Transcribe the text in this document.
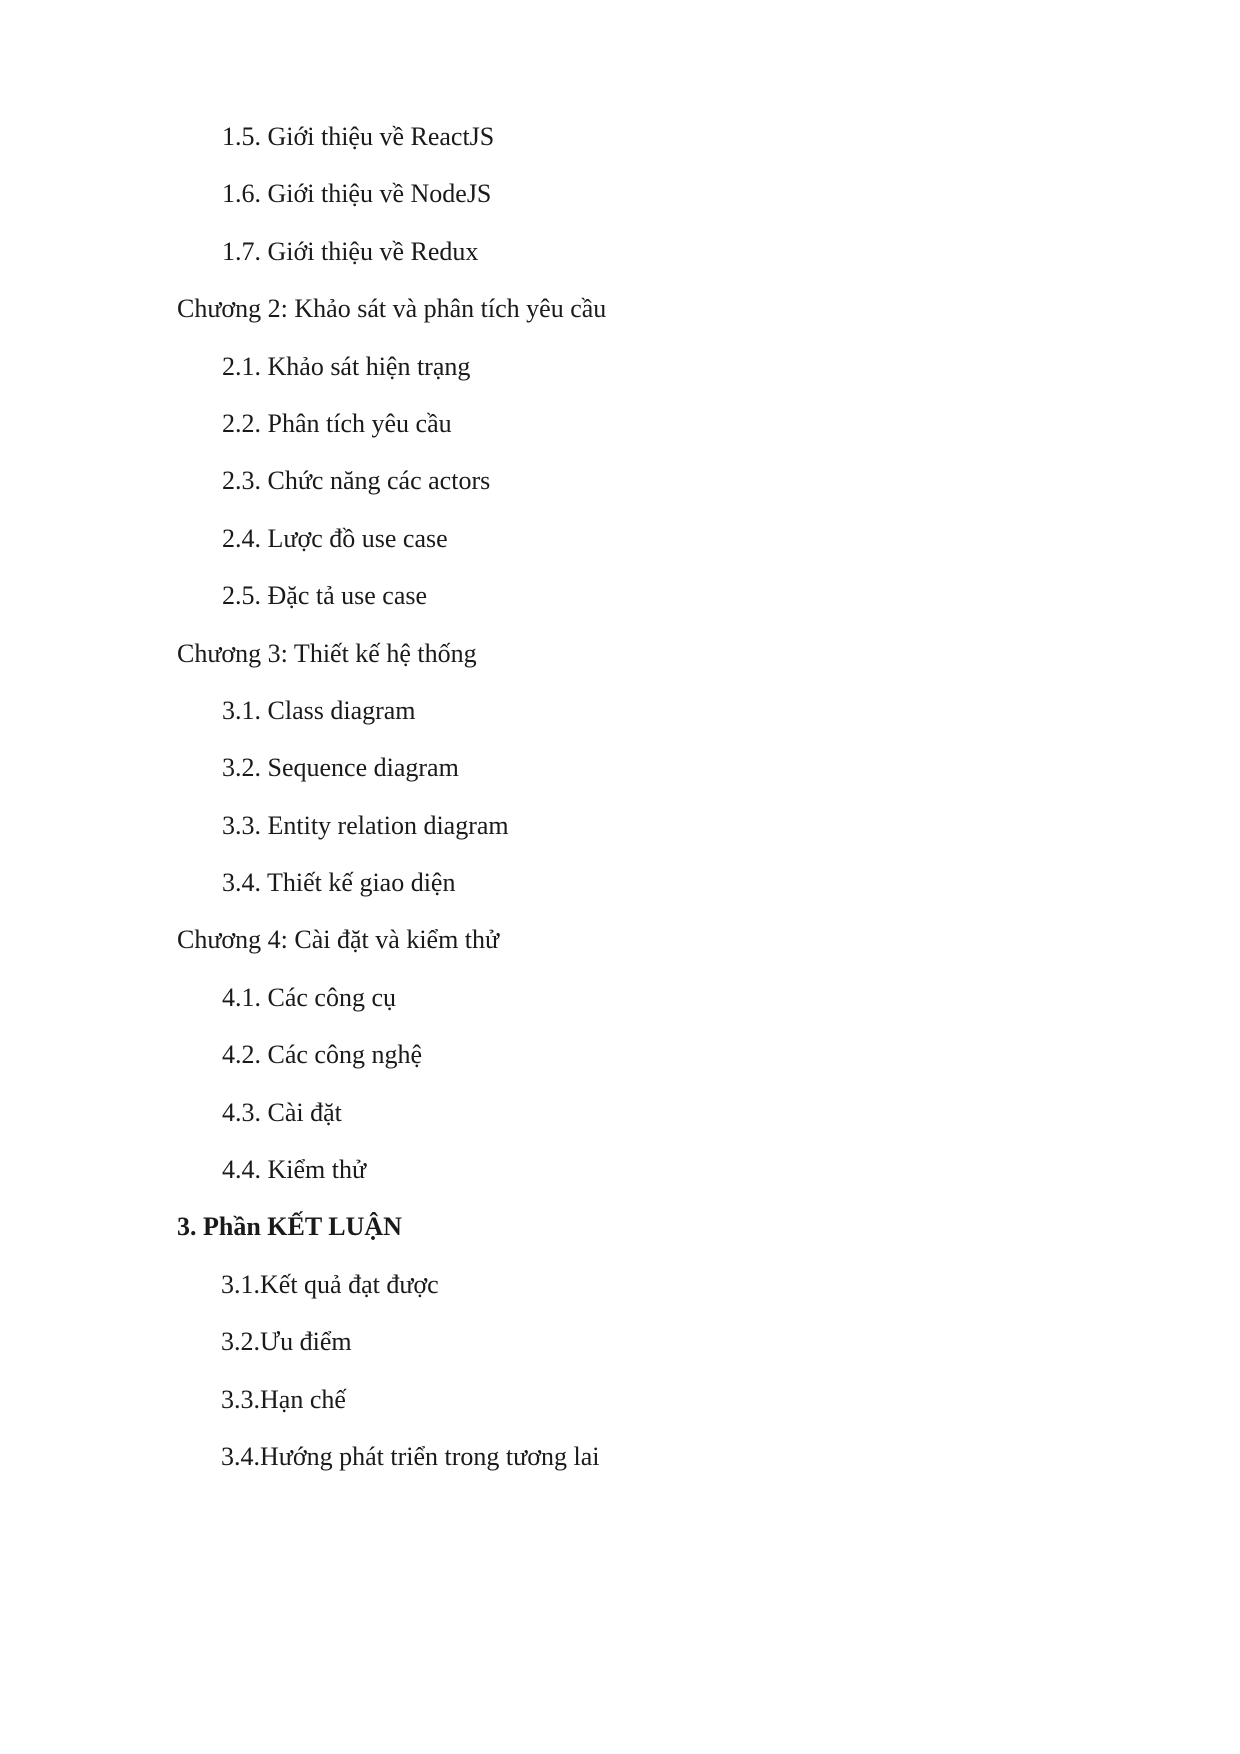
1.5. Giới thiệu về ReactJS
1.6. Giới thiệu về NodeJS
1.7. Giới thiệu về Redux
Chương 2: Khảo sát và phân tích yêu cầu
2.1. Khảo sát hiện trạng
2.2. Phân tích yêu cầu
2.3. Chức năng các actors
2.4. Lược đồ use case
2.5. Đặc tả use case
Chương 3: Thiết kế hệ thống
3.1. Class diagram
3.2. Sequence diagram
3.3. Entity relation diagram
3.4. Thiết kế giao diện
Chương 4: Cài đặt và kiểm thử
4.1. Các công cụ
4.2. Các công nghệ
4.3. Cài đặt
4.4. Kiểm thử
3. Phần KẾT LUẬN
3.1.Kết quả đạt được
3.2.Ưu điểm
3.3.Hạn chế
3.4.Hướng phát triển trong tương lai
